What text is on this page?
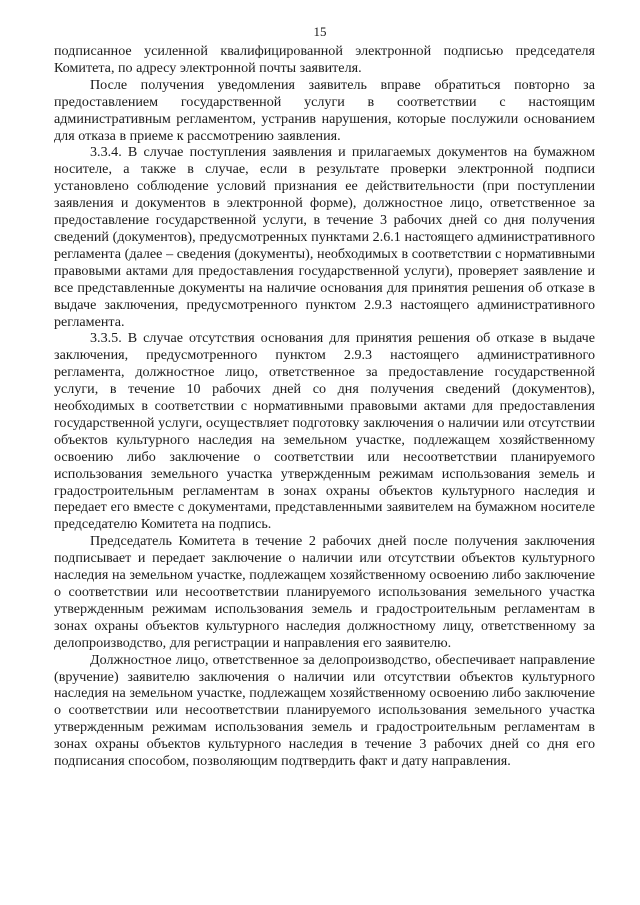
15

подписанное усиленной квалифицированной электронной подписью председателя Комитета, по адресу электронной почты заявителя.

После получения уведомления заявитель вправе обратиться повторно за предоставлением государственной услуги в соответствии с настоящим административным регламентом, устранив нарушения, которые послужили основанием для отказа в приеме к рассмотрению заявления.

3.3.4. В случае поступления заявления и прилагаемых документов на бумажном носителе, а также в случае, если в результате проверки электронной подписи установлено соблюдение условий признания ее действительности (при поступлении заявления и документов в электронной форме), должностное лицо, ответственное за предоставление государственной услуги, в течение 3 рабочих дней со дня получения сведений (документов), предусмотренных пунктами 2.6.1 настоящего административного регламента (далее – сведения (документы), необходимых в соответствии с нормативными правовыми актами для предоставления государственной услуги), проверяет заявление и все представленные документы на наличие основания для принятия решения об отказе в выдаче заключения, предусмотренного пунктом 2.9.3 настоящего административного регламента.

3.3.5. В случае отсутствия основания для принятия решения об отказе в выдаче заключения, предусмотренного пунктом 2.9.3 настоящего административного регламента, должностное лицо, ответственное за предоставление государственной услуги, в течение 10 рабочих дней со дня получения сведений (документов), необходимых в соответствии с нормативными правовыми актами для предоставления государственной услуги, осуществляет подготовку заключения о наличии или отсутствии объектов культурного наследия на земельном участке, подлежащем хозяйственному освоению либо заключение о соответствии или несоответствии планируемого использования земельного участка утвержденным режимам использования земель и градостроительным регламентам в зонах охраны объектов культурного наследия и передает его вместе с документами, представленными заявителем на бумажном носителе председателю Комитета на подпись.

Председатель Комитета в течение 2 рабочих дней после получения заключения подписывает и передает заключение о наличии или отсутствии объектов культурного наследия на земельном участке, подлежащем хозяйственному освоению либо заключение о соответствии или несоответствии планируемого использования земельного участка утвержденным режимам использования земель и градостроительным регламентам в зонах охраны объектов культурного наследия должностному лицу, ответственному за делопроизводство, для регистрации и направления его заявителю.

Должностное лицо, ответственное за делопроизводство, обеспечивает направление (вручение) заявителю заключения о наличии или отсутствии объектов культурного наследия на земельном участке, подлежащем хозяйственному освоению либо заключение о соответствии или несоответствии планируемого использования земельного участка утвержденным режимам использования земель и градостроительным регламентам в зонах охраны объектов культурного наследия в течение 3 рабочих дней со дня его подписания способом, позволяющим подтвердить факт и дату направления.
